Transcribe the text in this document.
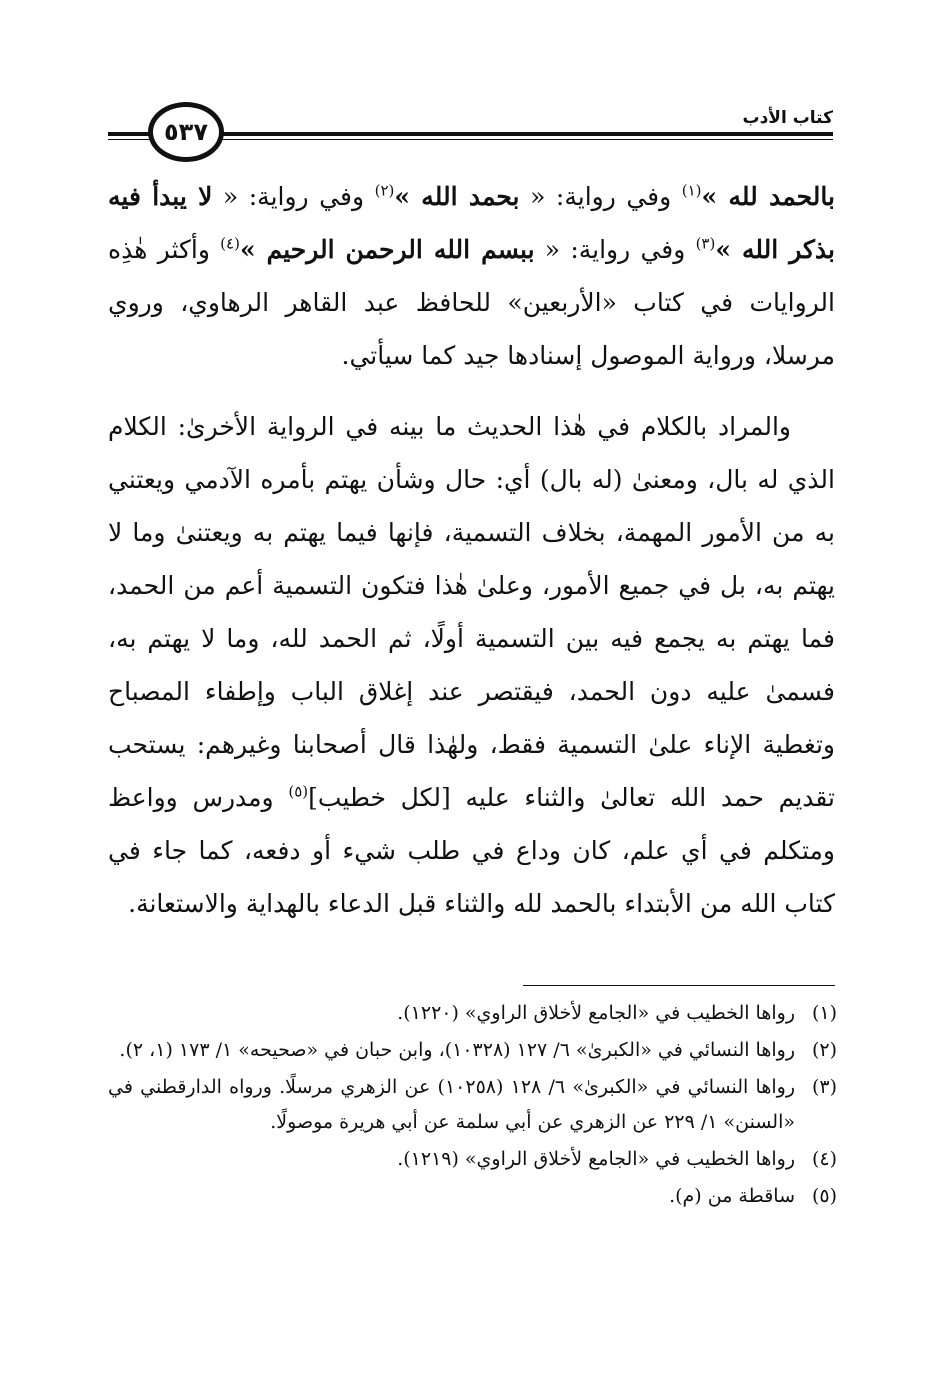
٥٣٧	كتاب الأدب

بالحمد لله »$^{(١)}$ وفي رواية: « بحمد الله »$^{(٢)}$ وفي رواية: « لا يبدأ فيه بذكر الله »$^{(٣)}$ وفي رواية: « ببسم الله الرحمن الرحيم »$^{(٤)}$ وأكثر هٰذِه الروايات في كتاب «الأربعين» للحافظ عبد القاهر الرهاوي، وروي مرسلا، ورواية الموصول إسنادها جيد كما سيأتي.

والمراد بالكلام في هٰذا الحديث ما بينه في الرواية الأخرىٰ: الكلام الذي له بال، ومعنىٰ (له بال) أي: حال وشأن يهتم بأمره الآدمي ويعتني به من الأمور المهمة، بخلاف التسمية، فإنها فيما يهتم به ويعتنىٰ وما لا يهتم به، بل في جميع الأمور، وعلىٰ هٰذا فتكون التسمية أعم من الحمد، فما يهتم به يجمع فيه بين التسمية أولًا، ثم الحمد لله، وما لا يهتم به، فسمىٰ عليه دون الحمد، فيقتصر عند إغلاق الباب وإطفاء المصباح وتغطية الإناء علىٰ التسمية فقط، ولهٰذا قال أصحابنا وغيرهم: يستحب تقديم حمد الله تعالىٰ والثناء عليه [لكل خطيب]$^{(٥)}$ ومدرس وواعظ ومتكلم في أي علم، كان وداع في طلب شيء أو دفعه، كما جاء في كتاب الله من الأبتداء بالحمد لله والثناء قبل الدعاء بالهداية والاستعانة.

(١)
رواها الخطيب في «الجامع لأخلاق الراوي» (١٢٢٠).
(٢)
رواها النسائي في «الكبرىٰ» ٦/ ١٢٧ (١٠٣٢٨)، وابن حبان في «صحيحه» ١/ ١٧٣ (١، ٢).
(٣)
رواها النسائي في «الكبرىٰ» ٦/ ١٢٨ (١٠٢٥٨) عن الزهري مرسلًا. ورواه الدارقطني في «السنن» ١/ ٢٢٩ عن الزهري عن أبي سلمة عن أبي هريرة موصولًا.
(٤)
رواها الخطيب في «الجامع لأخلاق الراوي» (١٢١٩).
(٥)
ساقطة من (م).
